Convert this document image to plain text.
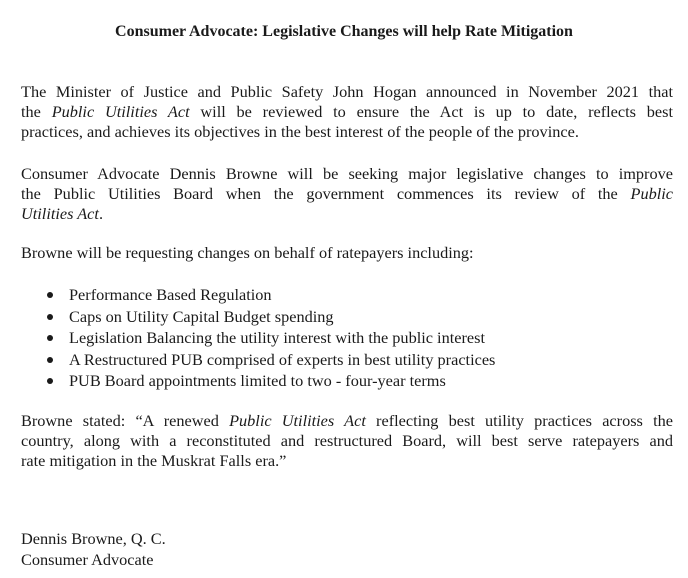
Consumer Advocate: Legislative Changes will help Rate Mitigation

The Minister of Justice and Public Safety John Hogan announced in November 2021 that
the Public Utilities Act will be reviewed to ensure the Act is up to date, reflects best
practices, and achieves its objectives in the best interest of the people of the province.

Consumer Advocate Dennis Browne will be seeking major legislative changes to improve
the Public Utilities Board when the government commences its review of the Public
Utilities Act.

Browne will be requesting changes on behalf of ratepayers including:

Performance Based Regulation
Caps on Utility Capital Budget spending
Legislation Balancing the utility interest with the public interest
A Restructured PUB comprised of experts in best utility practices
PUB Board appointments limited to two - four-year terms

Browne stated: “A renewed Public Utilities Act reflecting best utility practices across the
country, along with a reconstituted and restructured Board, will best serve ratepayers and
rate mitigation in the Muskrat Falls era.”

Dennis Browne, Q. C.
Consumer Advocate
